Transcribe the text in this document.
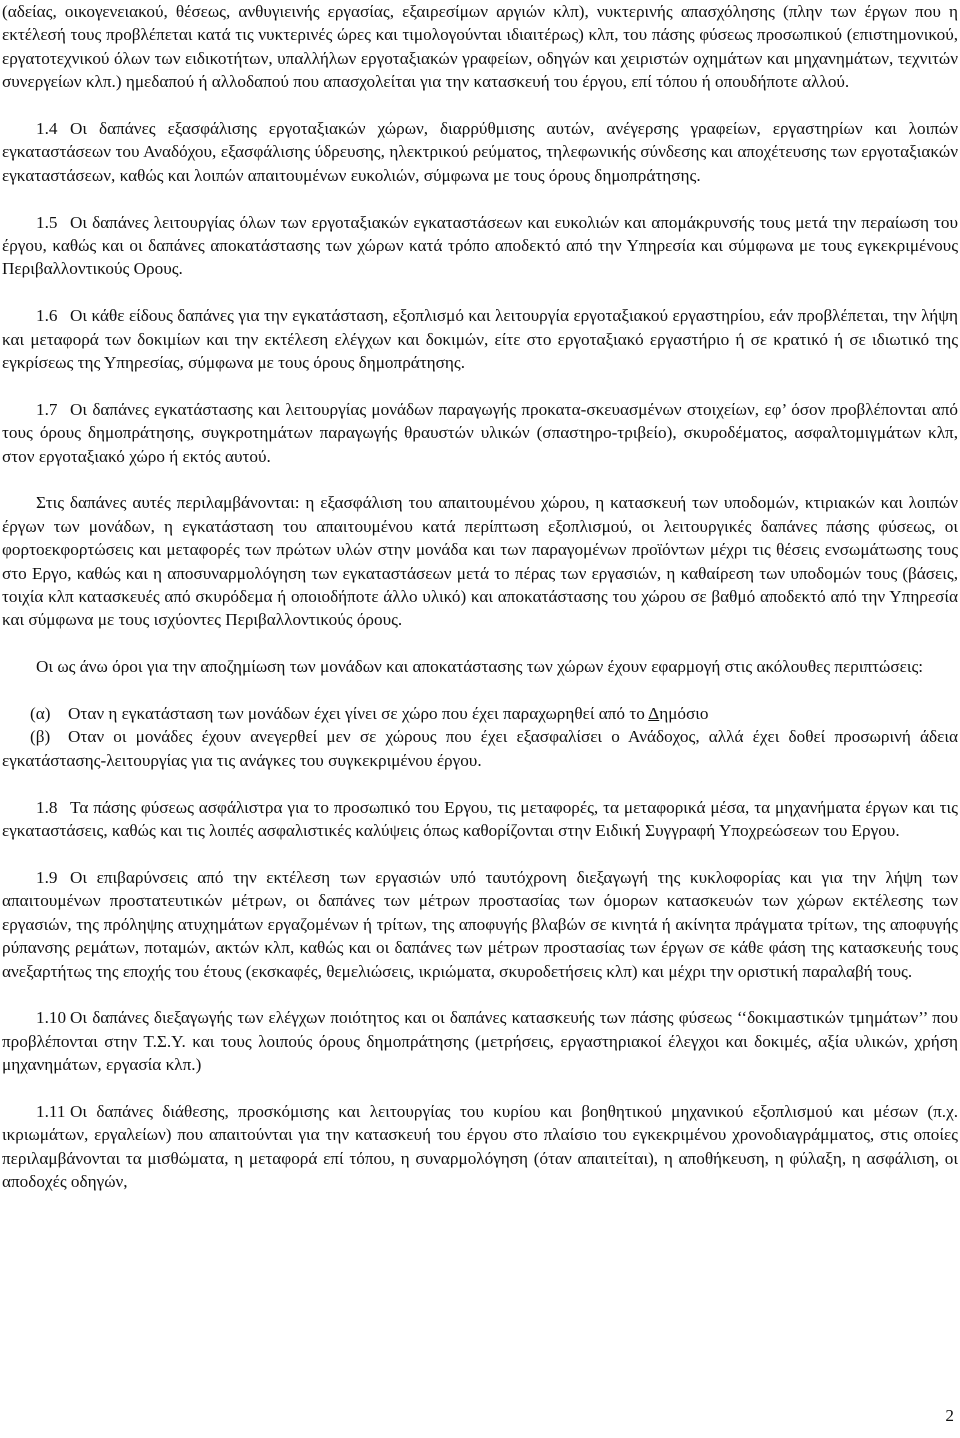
(αδείας, οικογενειακού, θέσεως, ανθυγιεινής εργασίας, εξαιρεσίμων αργιών κλπ), νυκτερινής απασχόλησης (πλην των έργων που η εκτέλεσή τους προβλέπεται κατά τις νυκτερινές ώρες και τιμολογούνται ιδιαιτέρως) κλπ, του πάσης φύσεως προσωπικού (επιστημονικού, εργατοτεχνικού όλων των ειδικοτήτων, υπαλλήλων εργοταξιακών γραφείων, οδηγών και χειριστών οχημάτων και μηχανημάτων, τεχνιτών συνεργείων κλπ.) ημεδαπού ή αλλοδαπού που απασχολείται για την κατασκευή του έργου, επί τόπου ή οπουδήποτε αλλού.

1.4 Οι δαπάνες εξασφάλισης εργοταξιακών χώρων, διαρρύθμισης αυτών, ανέγερσης γραφείων, εργαστηρίων και λοιπών εγκαταστάσεων του Αναδόχου, εξασφάλισης ύδρευσης, ηλεκτρικού ρεύματος, τηλεφωνικής σύνδεσης και αποχέτευσης των εργοταξιακών εγκαταστάσεων, καθώς και λοιπών απαιτουμένων ευκολιών, σύμφωνα με τους όρους δημοπράτησης.

1.5 Οι δαπάνες λειτουργίας όλων των εργοταξιακών εγκαταστάσεων και ευκολιών και απομάκρυνσής τους μετά την περαίωση του έργου, καθώς και οι δαπάνες αποκατάστασης των χώρων κατά τρόπο αποδεκτό από την Υπηρεσία και σύμφωνα με τους εγκεκριμένους Περιβαλλοντικούς Ορους.

1.6 Οι κάθε είδους δαπάνες για την εγκατάσταση, εξοπλισμό και λειτουργία εργοταξιακού εργαστηρίου, εάν προβλέπεται, την λήψη και μεταφορά των δοκιμίων και την εκτέλεση ελέγχων και δοκιμών, είτε στο εργοταξιακό εργαστήριο ή σε κρατικό ή σε ιδιωτικό της εγκρίσεως της Υπηρεσίας, σύμφωνα με τους όρους δημοπράτησης.

1.7 Οι δαπάνες εγκατάστασης και λειτουργίας μονάδων παραγωγής προκατα-σκευασμένων στοιχείων, εφ’ όσον προβλέπονται από τους όρους δημοπράτησης, συγκροτημάτων παραγωγής θραυστών υλικών (σπαστηρο-τριβείο), σκυροδέματος, ασφαλτομιγμάτων κλπ, στον εργοταξιακό χώρο ή εκτός αυτού.

Στις δαπάνες αυτές περιλαμβάνονται: η εξασφάλιση του απαιτουμένου χώρου, η κατασκευή των υποδομών, κτιριακών και λοιπών έργων των μονάδων, η εγκατάσταση του απαιτουμένου κατά περίπτωση εξοπλισμού, οι λειτουργικές δαπάνες πάσης φύσεως, οι φορτοεκφορτώσεις και μεταφορές των πρώτων υλών στην μονάδα και των παραγομένων προϊόντων μέχρι τις θέσεις ενσωμάτωσης τους στο Εργο, καθώς και η αποσυναρμολόγηση των εγκαταστάσεων μετά το πέρας των εργασιών, η καθαίρεση των υποδομών τους (βάσεις, τοιχία κλπ κατασκευές από σκυρόδεμα ή οποιοδήποτε άλλο υλικό) και αποκατάστασης του χώρου σε βαθμό αποδεκτό από την Υπηρεσία και σύμφωνα με τους ισχύοντες Περιβαλλοντικούς όρους.

Οι ως άνω όροι για την αποζημίωση των μονάδων και αποκατάστασης των χώρων έχουν εφαρμογή στις ακόλουθες περιπτώσεις:

(α) Οταν η εγκατάσταση των μονάδων έχει γίνει σε χώρο που έχει παραχωρηθεί από το Δημόσιο

(β) Οταν οι μονάδες έχουν ανεγερθεί μεν σε χώρους που έχει εξασφαλίσει ο Ανάδοχος, αλλά έχει δοθεί προσωρινή άδεια εγκατάστασης-λειτουργίας για τις ανάγκες του συγκεκριμένου έργου.

1.8 Τα πάσης φύσεως ασφάλιστρα για το προσωπικό του Εργου, τις μεταφορές, τα μεταφορικά μέσα, τα μηχανήματα έργων και τις εγκαταστάσεις, καθώς και τις λοιπές ασφαλιστικές καλύψεις όπως καθορίζονται στην Ειδική Συγγραφή Υποχρεώσεων του Εργου.

1.9 Οι επιβαρύνσεις από την εκτέλεση των εργασιών υπό ταυτόχρονη διεξαγωγή της κυκλοφορίας και για την λήψη των απαιτουμένων προστατευτικών μέτρων, οι δαπάνες των μέτρων προστασίας των όμορων κατασκευών των χώρων εκτέλεσης των εργασιών, της πρόληψης ατυχημάτων εργαζομένων ή τρίτων, της αποφυγής βλαβών σε κινητά ή ακίνητα πράγματα τρίτων, της αποφυγής ρύπανσης ρεμάτων, ποταμών, ακτών κλπ, καθώς και οι δαπάνες των μέτρων προστασίας των έργων σε κάθε φάση της κατασκευής τους ανεξαρτήτως της εποχής του έτους (εκσκαφές, θεμελιώσεις, ικριώματα, σκυροδετήσεις κλπ) και μέχρι την οριστική παραλαβή τους.

1.10 Οι δαπάνες διεξαγωγής των ελέγχων ποιότητος και οι δαπάνες κατασκευής των πάσης φύσεως ‘‘δοκιμαστικών τμημάτων’’ που προβλέπονται στην Τ.Σ.Υ. και τους λοιπούς όρους δημοπράτησης (μετρήσεις, εργαστηριακοί έλεγχοι και δοκιμές, αξία υλικών, χρήση μηχανημάτων, εργασία κλπ.)

1.11 Οι δαπάνες διάθεσης, προσκόμισης και λειτουργίας του κυρίου και βοηθητικού μηχανικού εξοπλισμού και μέσων (π.χ. ικριωμάτων, εργαλείων) που απαιτούνται για την κατασκευή του έργου στο πλαίσιο του εγκεκριμένου χρονοδιαγράμματος, στις οποίες περιλαμβάνονται τα μισθώματα, η μεταφορά επί τόπου, η συναρμολόγηση (όταν απαιτείται), η αποθήκευση, η φύλαξη, η ασφάλιση, οι αποδοχές οδηγών,

2
